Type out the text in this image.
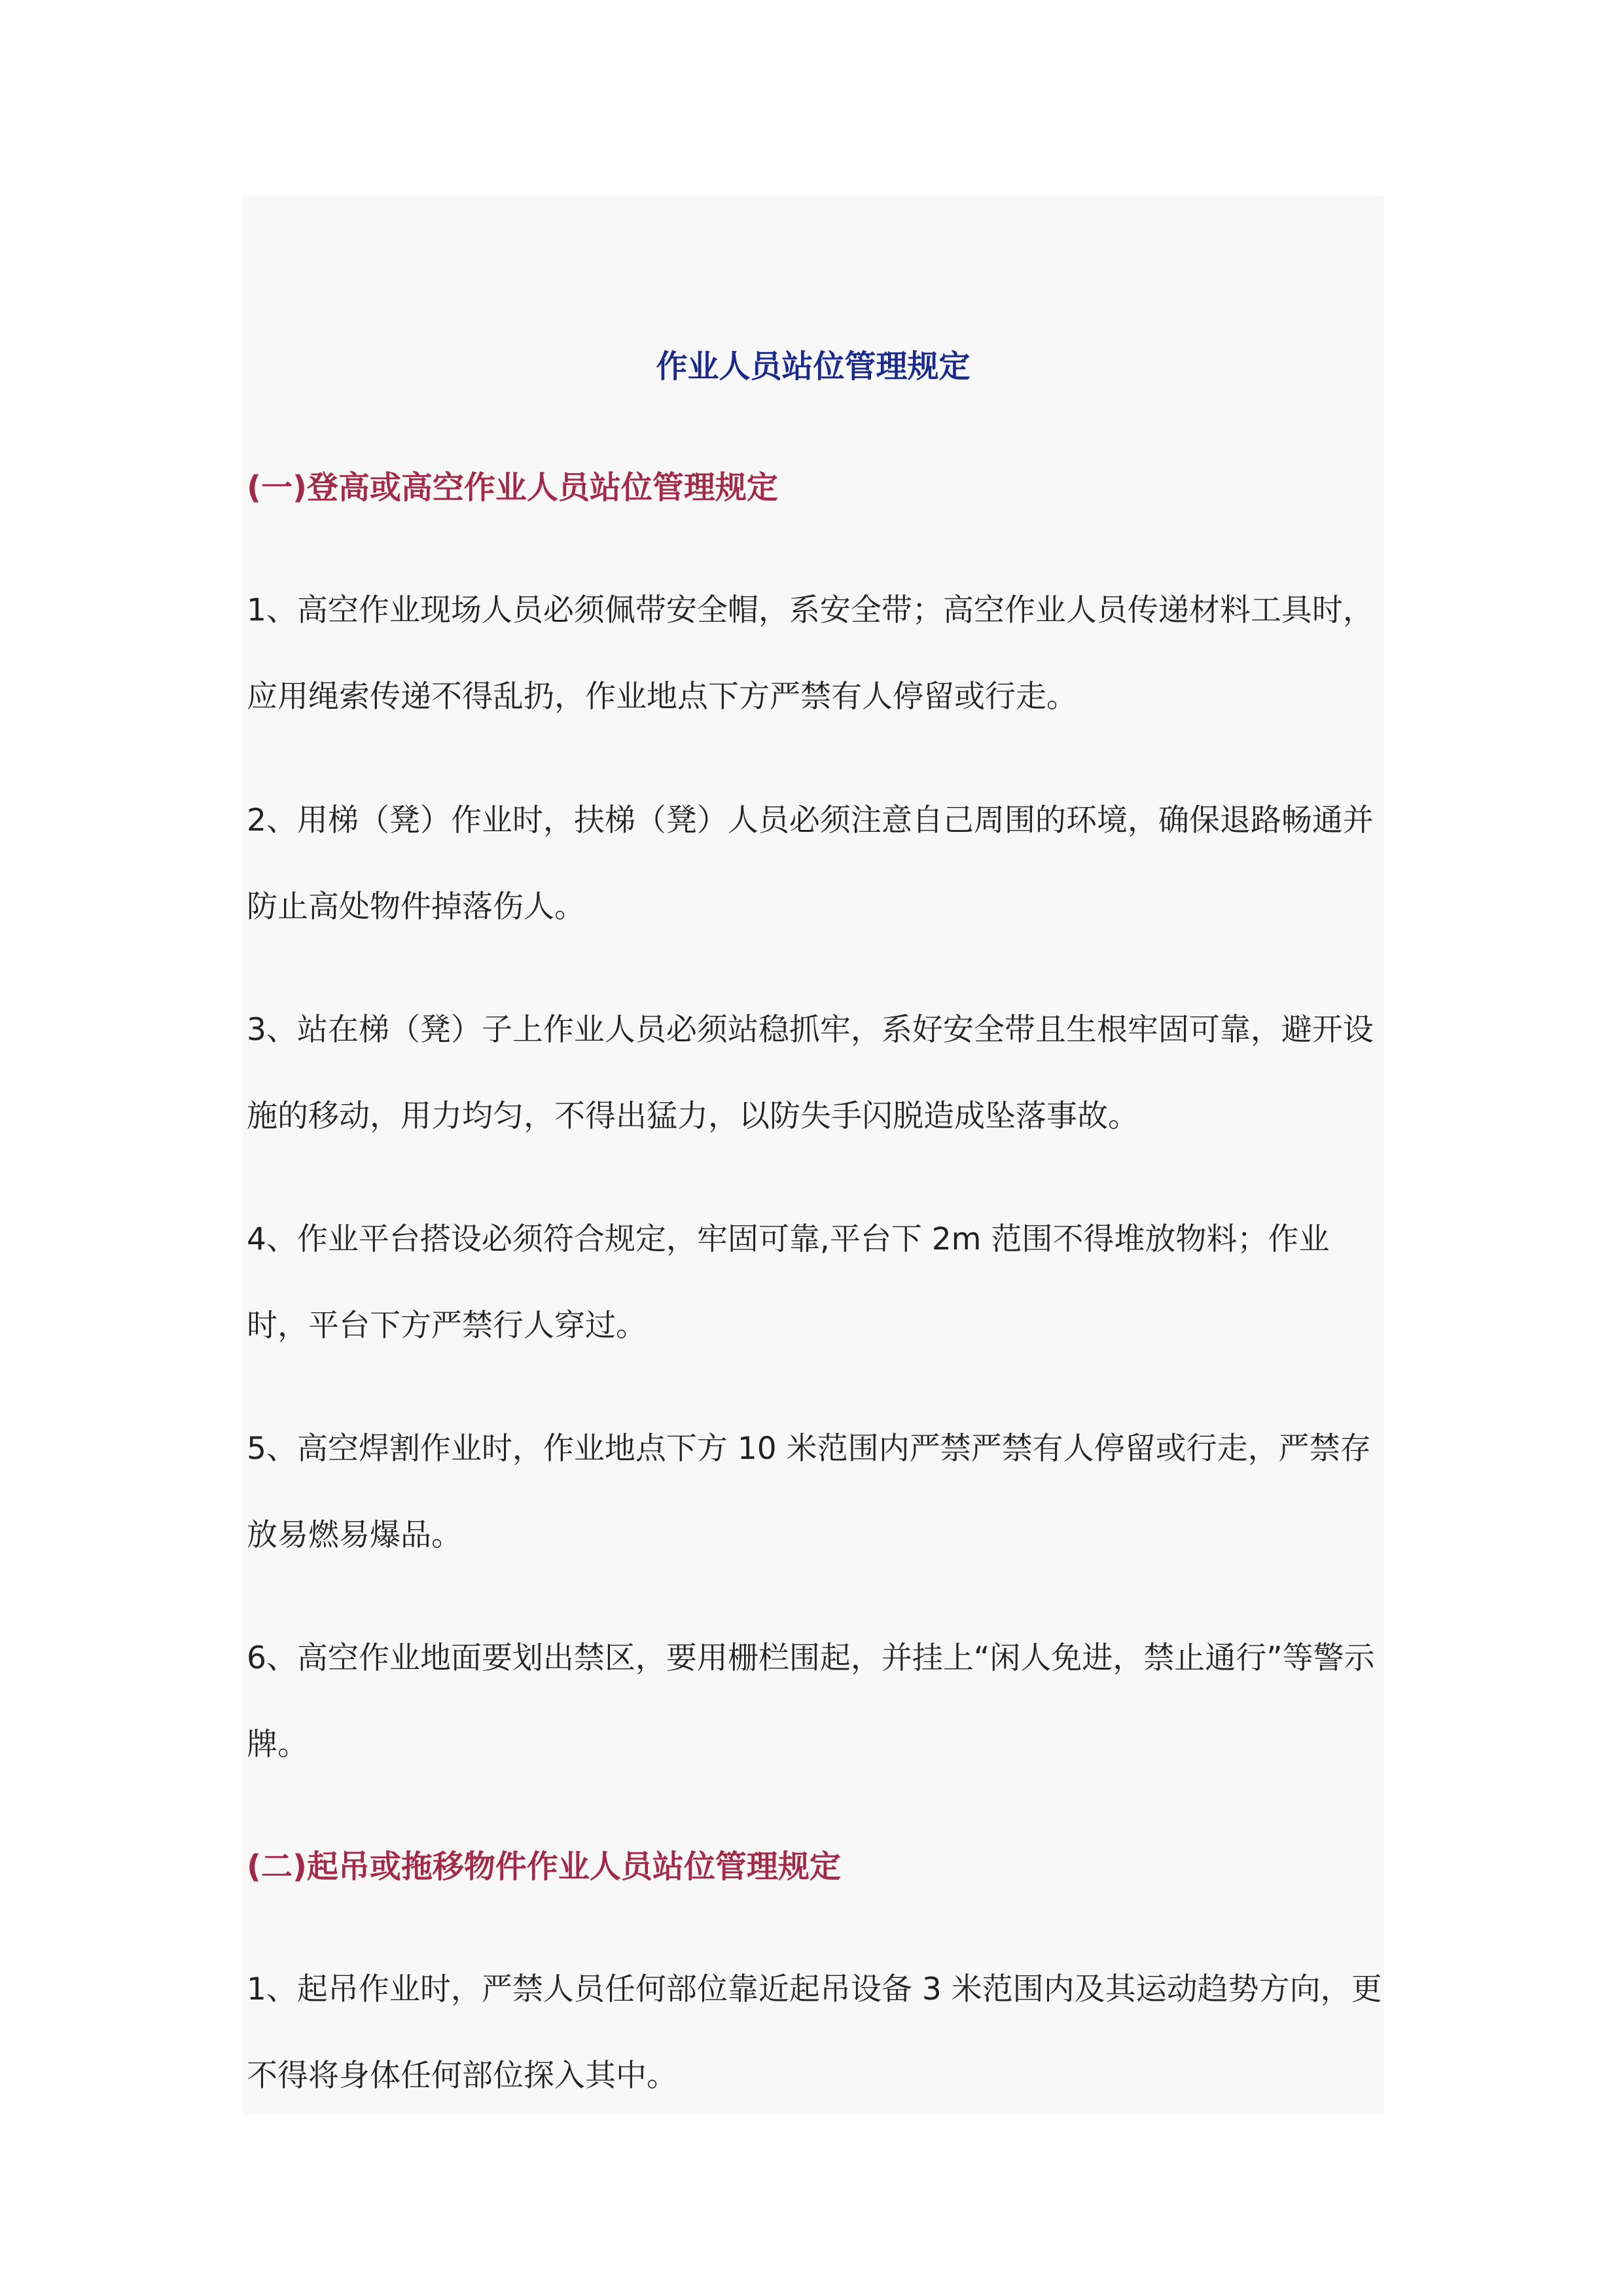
作业人员站位管理规定
(一)登高或高空作业人员站位管理规定

1、高空作业现场人员必须佩带安全帽，系安全带；高空作业人员传递材料工具时，应用绳索传递不得乱扔，作业地点下方严禁有人停留或行走。

2、用梯（凳）作业时，扶梯（凳）人员必须注意自己周围的环境，确保退路畅通并防止高处物件掉落伤人。

3、站在梯（凳）子上作业人员必须站稳抓牢，系好安全带且生根牢固可靠，避开设施的移动，用力均匀，不得出猛力，以防失手闪脱造成坠落事故。

4、作业平台搭设必须符合规定，牢固可靠,平台下 2m 范围不得堆放物料；作业时，平台下方严禁行人穿过。

5、高空焊割作业时，作业地点下方 10 米范围内严禁严禁有人停留或行走，严禁存放易燃易爆品。

6、高空作业地面要划出禁区，要用栅栏围起，并挂上“闲人免进，禁止通行”等警示牌。

(二)起吊或拖移物件作业人员站位管理规定

1、起吊作业时，严禁人员任何部位靠近起吊设备 3 米范围内及其运动趋势方向，更不得将身体任何部位探入其中。
